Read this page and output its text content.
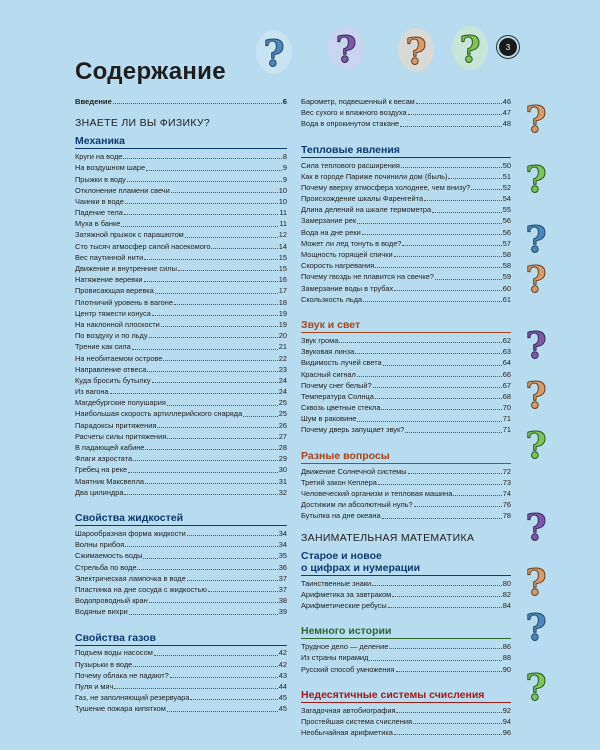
? ? ? ?
?
?
?
?
?
?
?
?
?
?
?
3
Содержание
Введение	6
ЗНАЕТЕ ЛИ ВЫ ФИЗИКУ?
Механика
Круги на воде	8
На воздушном шаре	9
Прыжки в воду	9
Отклонение пламени свечи	10
Чаинки в воде	10
Падение тела	11
Муха в банке	11
Затяжной прыжок с парашютом	12
Сто тысяч атмосфер силой насекомого	14
Вес паутинной нити	15
Движение и внутренние силы	15
Натяжение веревки	16
Провисающая веревка	17
Плотничий уровень в вагоне	18
Центр тяжести конуса	19
На наклонной плоскости	19
По воздуху и по льду	20
Трение как сила	21
На необитаемом острове	22
Направление отвеса	23
Куда бросить бутылку	24
Из вагона	24
Магдебургские полушария	25
Наибольшая скорость артиллерийского снаряда	25
Парадоксы притяжения	26
Расчеты силы притяжения	27
В падающей кабине	28
Флаги аэростата	29
Гребец на реке	30
Маятник Максвелла	31
Два цилиндра	32
Свойства жидкостей
Шарообразная форма жидкости	34
Волны прибоя	34
Сжимаемость воды	35
Стрельба по воде	36
Электрическая лампочка в воде	37
Пластинка на дне сосуда с жидкостью	37
Водопроводный кран	38
Водяные вихри	39
Свойства газов
Подъем воды насосом	42
Пузырьки в воде	42
Почему облака не падают?	43
Пуля и мяч	44
Газ, не заполняющий резервуара	45
Тушение пожара кипятком	45
Барометр, подвешенный к весам	46
Вес сухого и влажного воздуха	47
Вода в опрокинутом стакане	48
Тепловые явления
Сила теплового расширения	50
Как в городе Париже починили дом (быль)	51
Почему вверху атмосфера холоднее, чем внизу?	52
Происхождение шкалы Фаренгейта	54
Длина делений на шкале термометра	55
Замерзание рек	56
Вода на дне реки	56
Может ли лед тонуть в воде?	57
Мощность горящей спички	58
Скорость нагревания	58
Почему гвоздь не плавится на свечке?	59
Замерзание воды в трубах	60
Скользкость льда	61
Звук и свет
Звук грома	62
Звуковая линза	63
Видимость лучей света	64
Красный сигнал	66
Почему снег белый?	67
Температура Солнца	68
Сквозь цветные стекла	70
Шум в раковине	71
Почему дверь запущает звук?	71
Разные вопросы
Движение Солнечной системы	72
Третий закон Кеплера	73
Человеческий организм и тепловая машина	74
Достижим ли абсолютный нуль?	76
Бутылка на дне океана	78
ЗАНИМАТЕЛЬНАЯ МАТЕМАТИКА
Старое и новое
о цифрах и нумерации
Таинственные знаки	80
Арифметика за завтраком	82
Арифметические ребусы	84
Немного истории
Трудное дело — деление	86
Из страны пирамид	88
Русский способ умножения	90
Недесятичные системы счисления
Загадочная автобиография	92
Простейшая система счисления	94
Необычайная арифметика	96
